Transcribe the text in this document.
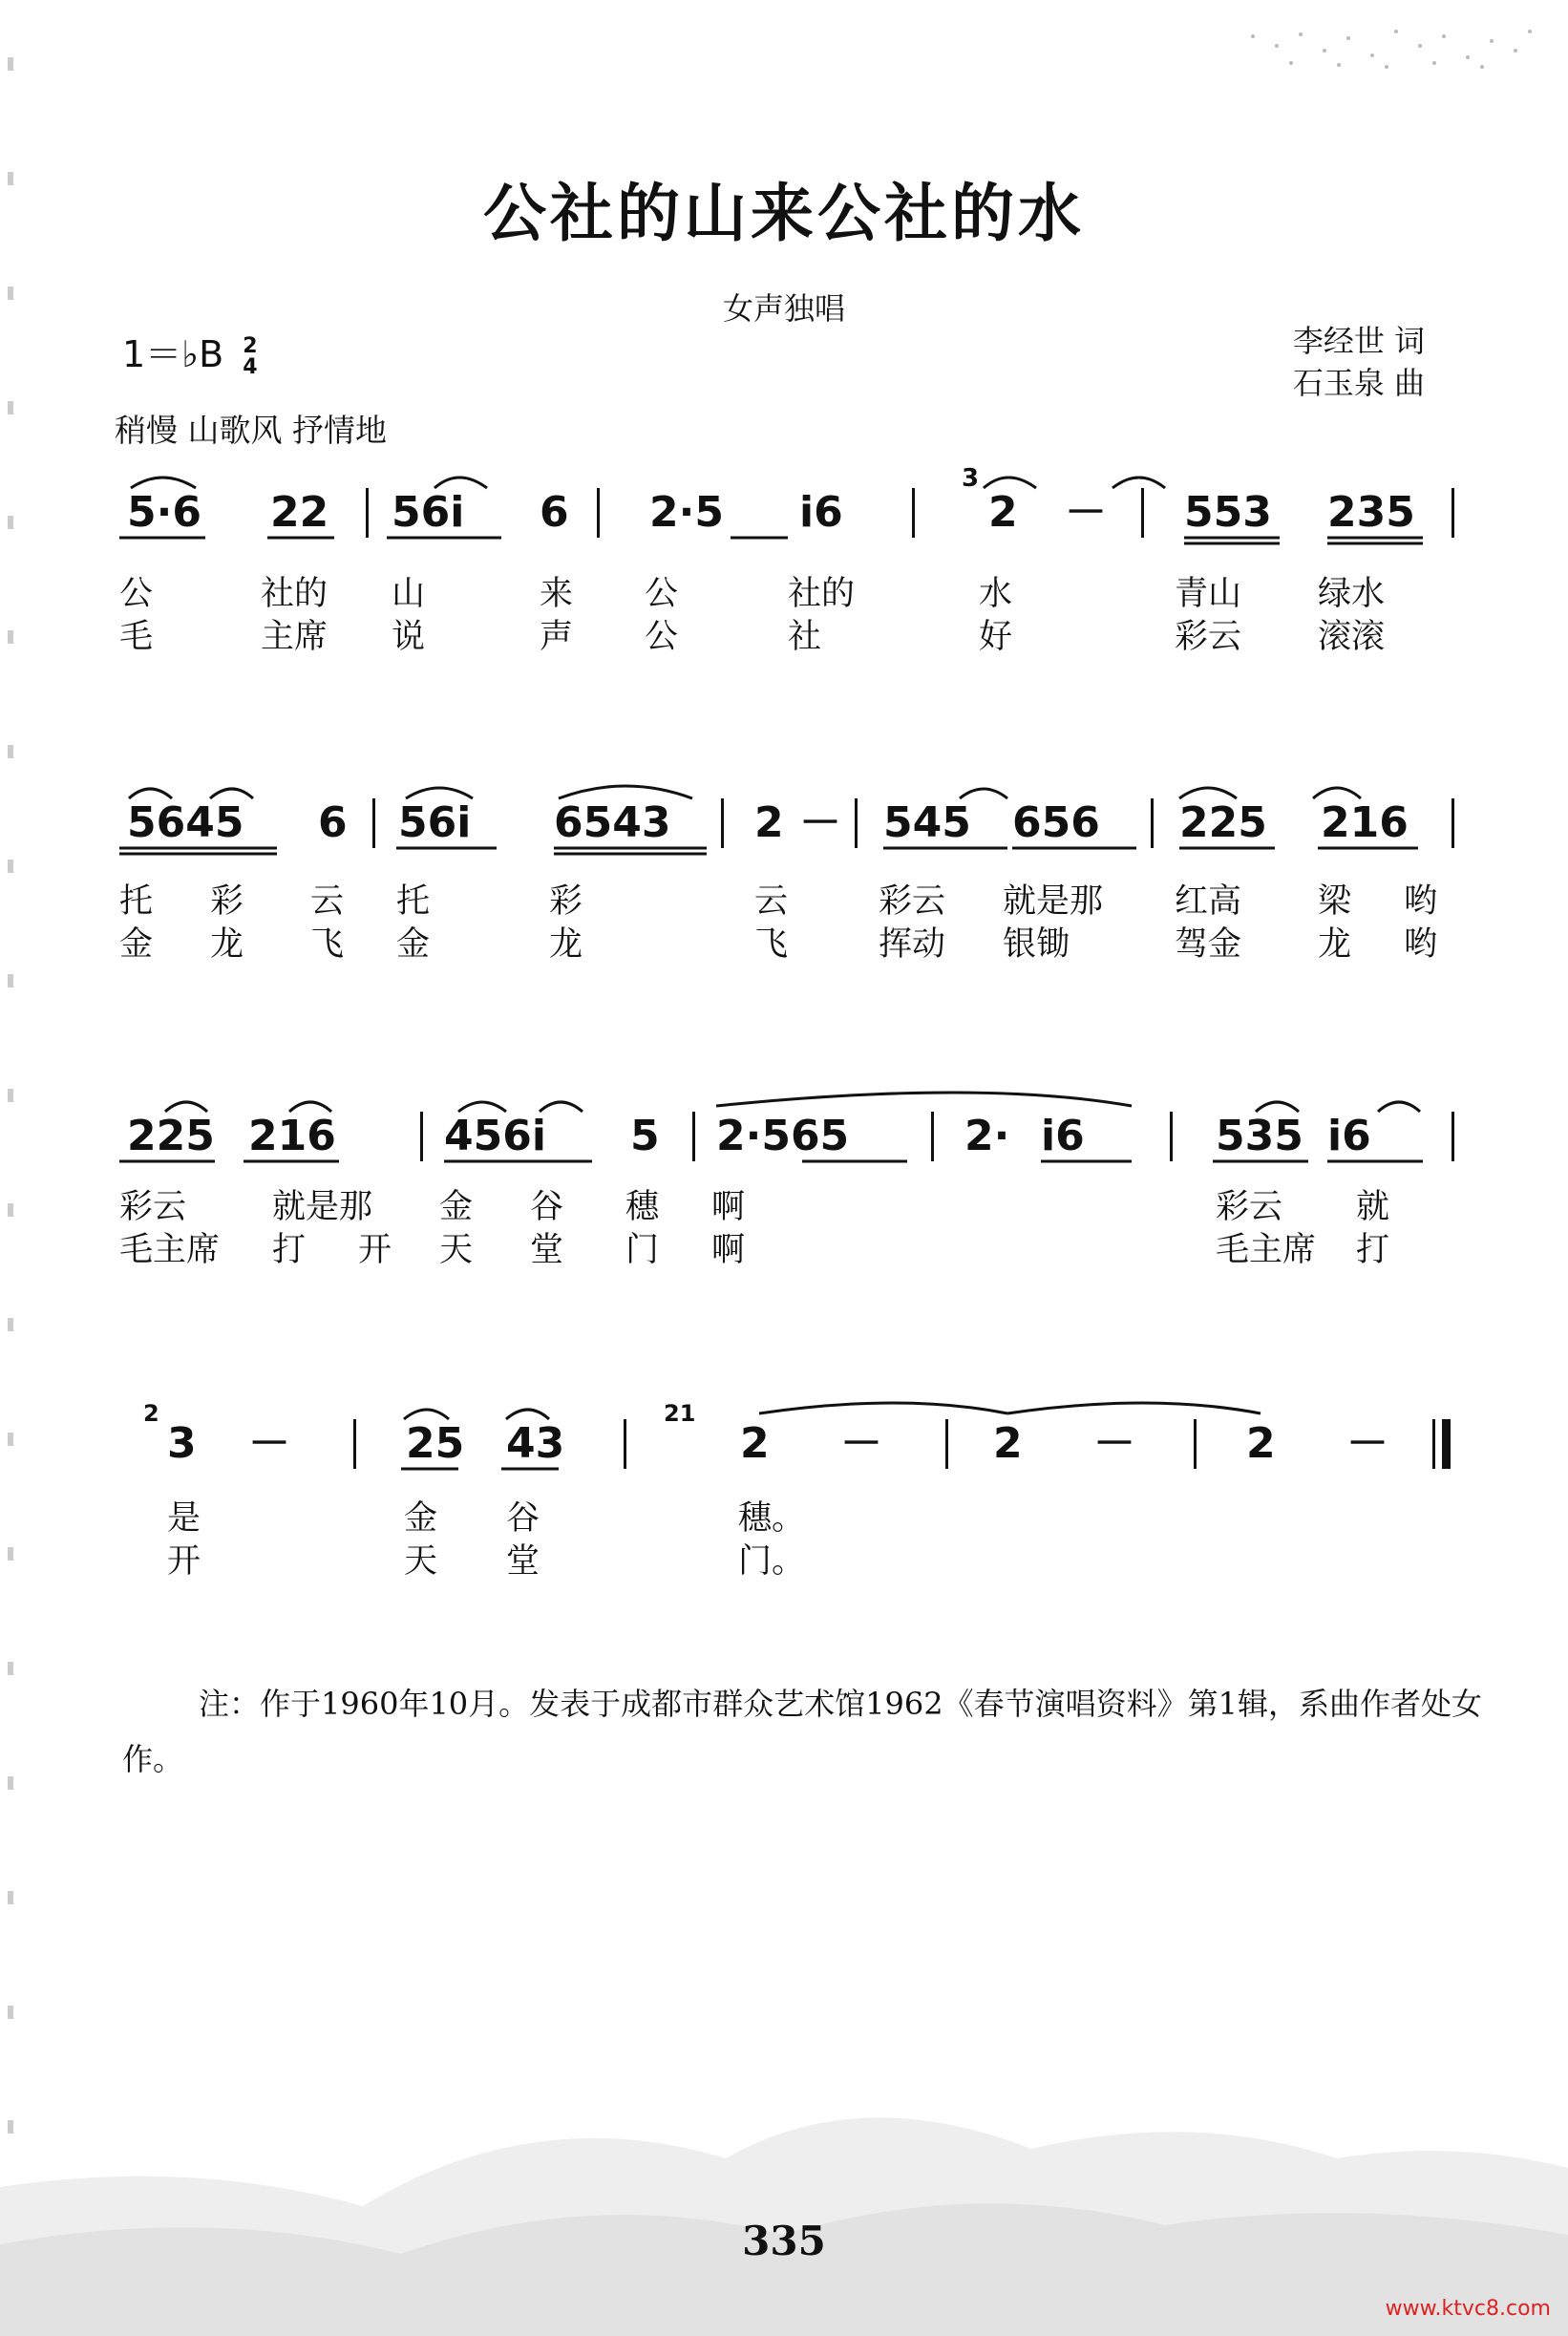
公社的山来公社的水
女声独唱
1＝♭B 2
4
李经世 词
石玉泉 曲
稍慢 山歌风 抒情地
5·6 22 56i 6 2·5 i6
3
2 － 553 235
公	社的 山	来 公	社的	水	青山 绿水
毛	主席 说	声 公	社	好	彩云 滚滚
5645 6 56i 6543 2 － 545 656 225 216
托 彩 云 托	彩	云	彩云 就是那 红高 梁 哟
金 龙 飞 金	龙	飞	挥动 银锄	驾金 龙 哟
225 216	456i 5 2·565	2· i6	535 i6
彩云	就是那 金 谷 穗 啊	彩云 就
毛主席 打 开 天 堂 门 啊	毛主席 打
2
3 －	25 43
21
2 －	2 －	2 －
是	金 谷	穗。
开	天 堂	门。
注：作于1960年10月。发表于成都市群众艺术馆1962《春节演唱资料》第1辑，系曲作者处女作。
335
www.ktvc8.com
